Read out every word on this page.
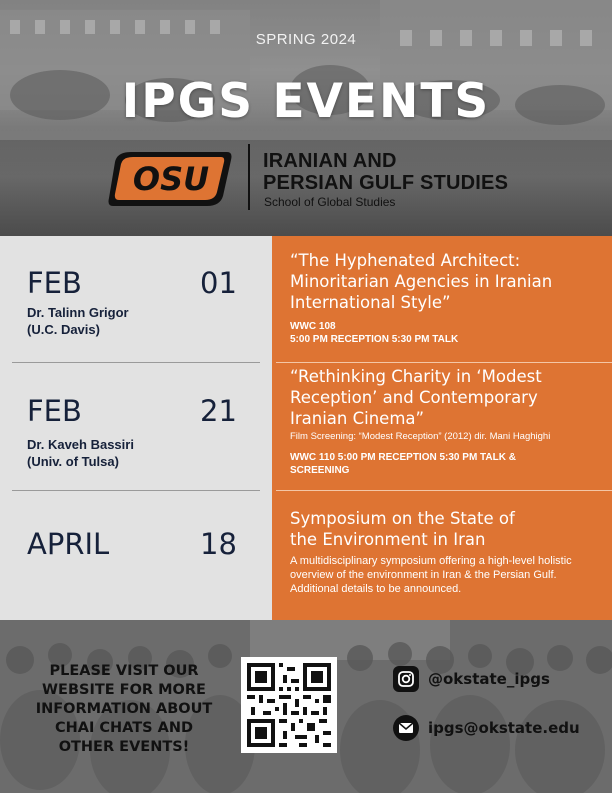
SPRING 2024
IPGS EVENTS
OSU	IRANIAN AND
PERSIAN GULF STUDIES
School of Global Studies
FEB	01
Dr. Talinn Grigor
(U.C. Davis)
“The Hyphenated Architect:
Minoritarian Agencies in Iranian
International Style”
WWC 108
5:00 PM RECEPTION 5:30 PM TALK
FEB	21
Dr. Kaveh Bassiri
(Univ. of Tulsa)
“Rethinking Charity in ‘Modest
Reception’ and Contemporary
Iranian Cinema”
Film Screening: “Modest Reception” (2012) dir. Mani Haghighi
WWC 110 5:00 PM RECEPTION 5:30 PM TALK &
SCREENING
APRIL	18
Symposium on the State of
the Environment in Iran
A multidisciplinary symposium offering a high-level holistic overview of the environment in Iran & the Persian Gulf. Additional details to be announced.
PLEASE VISIT OUR
WEBSITE FOR MORE
INFORMATION ABOUT
CHAI CHATS AND
OTHER EVENTS!
@okstate_ipgs
ipgs@okstate.edu
